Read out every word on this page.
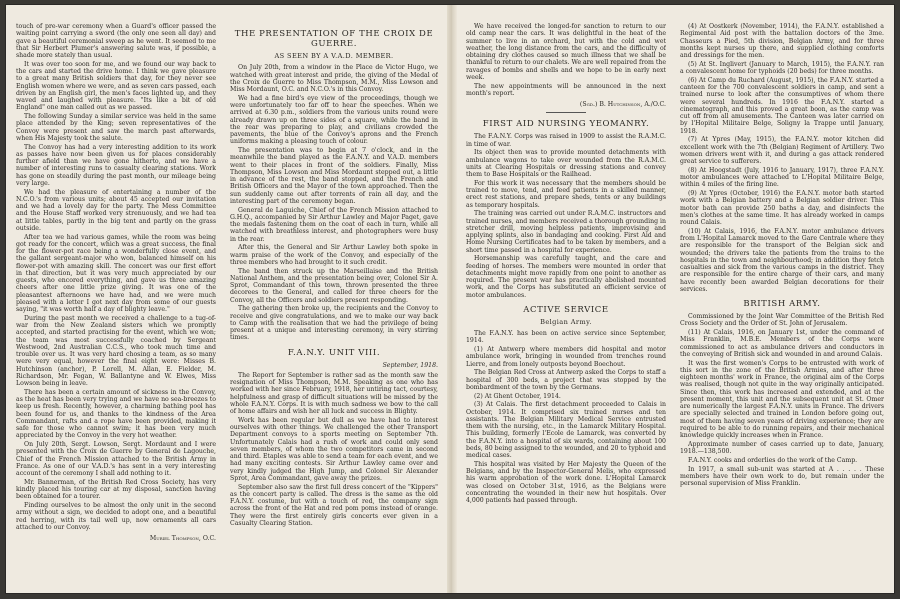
touch of pre-war ceremony when a Guard's officer passed the waiting point carrying a sword (the only one seen all day) and gave a beautiful ceremonial sweep as he went. It seemed to me that Sir Herbert Plumer's answering salute was, if possible, a shade more stately than usual.

It was over too soon for me, and we found our way back to the cars and started the drive home. I think we gave pleasure to a great many British soldiers that day, for they never see English women where we were, and as seven cars passed, each driven by an English girl, the men's faces lighted up, and they waved and laughed with pleasure. "Its like a bit of old England" one man called out as we passed.

The following Sunday a similar service was held in the same place attended by the King; seven representatives of the Convoy were present and saw the march past afterwards, when His Majesty took the salute.

The Convoy has had a very interesting addition to its work as passes have now been given us for places considerably further afield than we have gone hitherto, and we have a number of interesting runs to casualty clearing stations. Work has gone on steadily during the past month, our mileage being very large.

We had the pleasure of entertaining a number of the N.C.O.'s from various units; about 45 accepted our invitation and we had a lovely day for the party. The Mess Committee and the House Staff worked very strenuously, and we had tea at little tables, partly in the big tent and partly on the grass outside.

After tea we had various games, while the room was being got ready for the concert, which was a great success, the final for the flower-pot race being a wonderfully close event, and the gallant sergeant-major who won, balanced himself on his flower-pot with amazing skill. The concert was our first effort in that direction, but it was very much appreciated by our guests, who encored everything, and gave us three amazing cheers after one little prize giving. It was one of the pleasantest afternoons we have had, and we were much pleased with a letter I got next day from some of our guests saying, "it was worth half a day of blighty leave."

During the past month we received a challenge to a tug-of-war from the New Zealand sisters which we promptly accepted, and started practising for the event, which we won; the team was most successfully coached by Sergeant Westwood, 2nd Australian C.C.S., who took much time and trouble over us. It was very hard chosing a team, as so many were very equal, however the final eight were: Misses B. Hutchinson (anchor), P. Lorell, M. Allan, E. Fielder, M. Richardson, Mr. Fegan, W. Ballantyne and W. Elwes, Miss Lowson being in leave.

There has been a certain amount of sickness in the Convoy, as the heat has been very trying and we have no sea-breezes to keep us fresh. Recently, however, a charming bathing pool has been found for us, and thanks to the kindness of the Area Commandant, rafts and a rope have been provided, making it safe for those who cannot swim; it has been very much appreciated by the Convoy in the very hot weather.

On July 20th, Sergt. Lowson, Sergt. Mordaunt and I were presented with the Croix de Guerre by General de Lagouche, Chief of the French Mission attached to the British Army in France. As one of our V.A.D.'s has sent in a very interesting account of the ceremony I shall add nothing to it.

Mr. Bannerman, of the British Red Cross Society, has very kindly placed his touring car at my disposal, sanction having been obtained for a tourer.

Finding ourselves to be almost the only unit in the second army without a sign, we decided to adopt one, and a beautiful red herring, with its tail well up, now ornaments all cars attached to our Convoy.

Muriel Thompson, O.C.
THE PRESENTATION OF THE CROIX DE GUERRE.
AS SEEN BY A V.A.D. MEMBER.

On July 20th, from a window in the Place de Victor Hugo, we watched with great interest and pride, the giving of the Medal of the Croix de Guerre to Miss Thompson, M.M., Miss Lowson and Miss Mordaunt, O.C. and N.C.O.'s in this Convoy.

We had a fine bird's eye view of the proceedings, though we were unfortunately too far off to hear the speeches. When we arrived at 6.30 p.m., soldiers from the various units round were already drawn up on three sides of a square, while the band in the rear was preparing to play, and civilians crowded the pavements, the blue of the Convoy's aprons and the French uniforms making a pleasing touch of colour.

The presentation was to begin at 7 o'clock, and in the meanwhile the band played as the F.A.N.Y. and V.A.D. members went to their places in front of the soldiers. Finally, Miss Thompson, Miss Lowson and Miss Mordaunt stepped out, a little in advance of the rest, the band stopped, and the French and British Officers and the Mayor of the town approached. Then the sun suddenly came out after torrents of rain all day, and the interesting part of the ceremony began.

General de Laguiche, Chief of the French Mission attached to G.H.Q., accompanied by Sir Arthur Lawley and Major Paget, gave the medals fastening them on the coat of each in turn, while all watched with breathless interest, and photographers were busy in the rear.

After this, the General and Sir Arthur Lawley both spoke in warm praise of the work of the Convoy, and especially of the three members who had brought to it such credit.

The band then struck up the Marseillaise and the British National Anthem, and the presentation being over, Colonel Sir A. Sprot, Commandant of this town, thrown presented the three decorees to the General, and called for three cheers for the Convoy, all the Officers and soldiers present responding.

The gathering then broke up, the recipients and the Convoy to receive and give congratulations, and we to make our way back to Camp with the realisation that we had the privilege of being present at a unique and interesting ceremony, in very stirring times.

F.A.N.Y. UNIT VIII.
September, 1918.

The Report for September is rather sad as the month saw the resignation of Miss Thompson, M.M. Speaking as one who has worked with her since February, 1918, her untiring tact, courtesy, helpfulness and grasp of difficult situations will be missed by the whole F.A.N.Y. Corps. It is with much sadness we bow to the call of home affairs and wish her all luck and success in Blighty.

Work has been regular but dull as we have had to interest ourselves with other things. We challenged the other Transport Department convoys to a sports meeting on September 7th. Unfortunately Calais had a rush of work and could only send seven members, of whom the two competitors came in second and third. Etaples was able to send a team for each event, and we had many exciting contests. Sir Arthur Lawley came over and very kindly judged the High Jump, and Colonel Sir Alexander Sprot, Area Commandant, gave away the prizes.

September also saw the first full dress concert of the "Kippers" as the concert party is called. The dress is the same as the old F.A.N.Y. costume, but with a touch of red, the company sign across the front of the Hat and red pom poms instead of orange. They were the first entirely girls concerts ever given in a Casualty Clearing Station.

We have received the longed-for sanction to return to our old camp near the cars. It was delightful in the heat of the summer to live in an orchard, but with the cold and wet weather, the long distance from the cars, and the difficulty of obtaining dry clothes caused so much illness that we shall be thankful to return to our chalets. We are well repaired from the ravages of bombs and shells and we hope to be in early next week.

The new appointments will be announced in the next month's report.

(Sgd.) B. Hutchinson, A./O.C.
FIRST AID NURSING YEOMANRY.

The F.A.N.Y. Corps was raised in 1909 to assist the R.A.M.C. in time of war.

Its object then was to provide mounted detachments with ambulance wagons to take over wounded from the R.A.M.C. units at Clearing Hospitals or dressing stations and convey them to Base Hospitals or the Railhead.

For this work it was necessary that the members should be trained to move, tend, and feed patients in a skilled manner, erect rest stations, and prepare sheds, tents or any buildings as temporary hospitals.

The training was carried out under R.A.M.C. instructors and trained nurses, and members received a thorough grounding in stretcher drill, moving helpless patients, improvising and applying splints, also in bandaging and cooking. First Aid and Home Nursing Certificates had to be taken by members, and a short time passed in a hospital for experience.

Horsemanship was carefully taught, and the care and feeding of horses. The members were mounted in order that detachments might move rapidly from one point to another as required. The present war has practically abolished mounted work, and the Corps has substituted an efficient service of motor ambulances.

ACTIVE SERVICE
Belgian Army.

The F.A.N.Y. has been on active service since September, 1914.

(1) At Antwerp where members did hospital and motor ambulance work, bringing in wounded from trenches round Lierre, and from lonely outposts beyond Boechout.

The Belgian Red Cross at Antwerp asked the Corps to staff a hospital of 300 beds, a project that was stopped by the bombardment of the town by the Germans.

(2) At Ghent October, 1914.

(3) At Calais. The first detachment proceeded to Calais in October, 1914. It comprised six trained nurses and ten assistants. The Belgian Military Medical Service entrusted them with the nursing, etc., in the Lamarck Military Hospital. This building, formerly l'Ecole de Lamarck, was converted by the F.A.N.Y. into a hospital of six wards, containing about 100 beds, 80 being assigned to the wounded, and 20 to typhoid and medical cases.

This hospital was visited by Her Majesty the Queen of the Belgians, and by the Inspector-General Melis, who expressed his warm approbation of the work done. L'Hopital Lamarck was closed on October 31st, 1916, as the Belgians were concentrating the wounded in their new hut hospitals. Over 4,000 patients had passed through.

(4) At Oostkerk (November, 1914), the F.A.N.Y. established a Regimental Aid post with the battalion doctors of the 3me. Chasseurs a Pied, 5th division, Belgian Army, and for three months kept nurses up there, and supplied clothing comforts and dressings for the men.

(5) At St. Inglivert (January to March, 1915), the F.A.N.Y. ran a convalescent home for typhoids (20 beds) for three months.

(6) At Camp du Ruchard (August, 1915), the F.A.N.Y. started a canteen for the 700 convalescent soldiers in camp, and sent a trained nurse to look after the consumptives of whom there were several hundreds. In 1916 the F.A.N.Y. started a cinematograph, and this proved a great boon, as the camp was cut off from all amusements. The Canteen was later carried on by l'Hopital Militaire Belge, Soligny la Trappe until January, 1918.

(7) At Ypres (May, 1915), the F.A.N.Y. motor kitchen did excellent work with the 7th (Belgian) Regiment of Artillery. Two women drivers went with it, and during a gas attack rendered great service to sufferers.

(8) At Hoogstadt (July, 1916 to January, 1917), three F.A.N.Y. motor ambulances were attached to L'Hopital Militaire Belge, within 4 miles of the firing line.

(9) At Ypres (October, 1916) the F.A.N.Y. motor bath started work with a Belgian battery and a Belgian soldier driver. This motor bath can provide 250 baths a day, and disinfects the men's clothes at the same time. It has already worked in camps round Calais.

(10) At Calais, 1916, the F.A.N.Y. motor ambulance drivers from L'Hopital Lamarck moved to the Gare Centrale where they are responsible for the transport of the Belgian sick and wounded; the drivers take the patients from the trains to the hospitals in the town and neighbourhood; in addition they fetch casualties and sick from the various camps in the district. They are responsible for the entire charge of their cars, and many have recently been awarded Belgian decorations for their services.

BRITISH ARMY.

Commissioned by the Joint War Committee of the British Red Cross Society and the Order of St. John of Jerusalem.

(11) At Calais, 1916, on January 1st, under the command of Miss Franklin, M.B.E. Members of the Corps were commissioned to act as ambulance drivers and conductors in the conveying of British sick and wounded in and around Calais.

It was the first women's Corps to be entrusted with work of this sort in the zone of the British Armies, and after three eighteen months' work in France, the original aim of the Corps was realised, though not quite in the way originally anticipated. Since then, this work has increased and extended, and at the present moment, this unit and the subsequent unit at St. Omer are numerically the largest F.A.N.Y. units in France. The drivers are specially selected and trained in London before going out, most of them having seven years of driving experience; they are required to be able to do running repairs, and their mechanical knowledge quickly increases when in France.

Approximate number of cases carried up to date, January, 1918.—138,500.

F.A.N.Y. cooks and orderlies do the work of the Camp.

In 1917, a small sub-unit was started at A . . . . . These members have their own work to do, but remain under the personal supervision of Miss Franklin.
